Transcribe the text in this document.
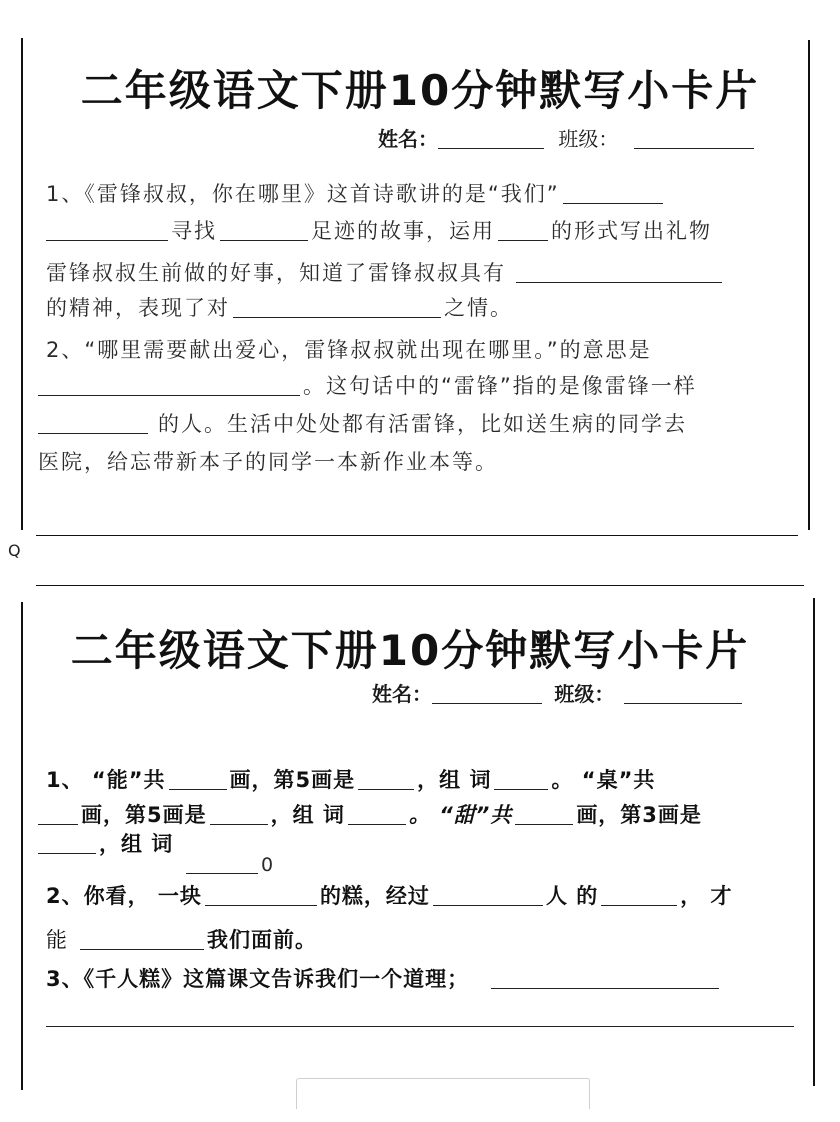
Q
二年级语文下册10分钟默写小卡片
姓名：	班级：
1、《雷锋叔叔，你在哪里》这首诗歌讲的是“我们”
寻找	足迹的故事，运用	的形式写出礼物
雷锋叔叔生前做的好事，知道了雷锋叔叔具有
的精神，表现了对	之情。
2、“哪里需要献出爱心，雷锋叔叔就出现在哪里。”的意思是
。这句话中的“雷锋”指的是像雷锋一样
的人。生活中处处都有活雷锋，比如送生病的同学去
医院，给忘带新本子的同学一本新作业本等。
二年级语文下册10分钟默写小卡片
姓名：	班级：
1、 “能”共	画，第5画是	，组 词	。 “桌”共
画，第5画是	，组 词	。 “甜”共	画，第3画是
，组 词
0
2、你看， 一块	的糕，经过	人 的	， 才
能	我们面前。
3、《千人糕》这篇课文告诉我们一个道理；
